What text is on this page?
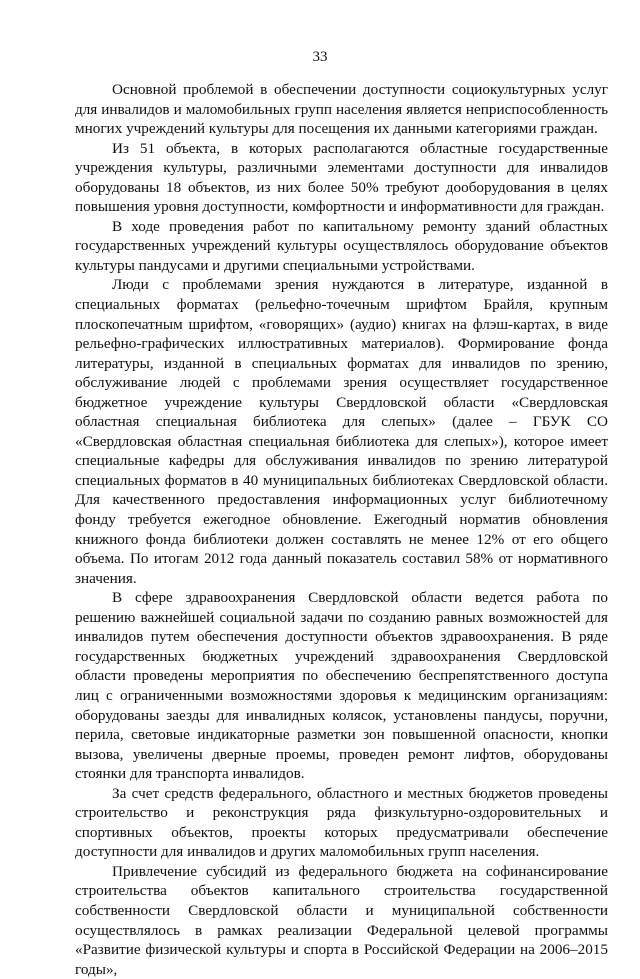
33

Основной проблемой в обеспечении доступности социокультурных услуг для инвалидов и маломобильных групп населения является неприспособленность многих учреждений культуры для посещения их данными категориями граждан.

Из 51 объекта, в которых располагаются областные государственные учреждения культуры, различными элементами доступности для инвалидов оборудованы 18 объектов, из них более 50% требуют дооборудования в целях повышения уровня доступности, комфортности и информативности для граждан.

В ходе проведения работ по капитальному ремонту зданий областных государственных учреждений культуры осуществлялось оборудование объектов культуры пандусами и другими специальными устройствами.

Люди с проблемами зрения нуждаются в литературе, изданной в специальных форматах (рельефно-точечным шрифтом Брайля, крупным плоскопечатным шрифтом, «говорящих» (аудио) книгах на флэш-картах, в виде рельефно-графических иллюстративных материалов). Формирование фонда литературы, изданной в специальных форматах для инвалидов по зрению, обслуживание людей с проблемами зрения осуществляет государственное бюджетное учреждение культуры Свердловской области «Свердловская областная специальная библиотека для слепых» (далее – ГБУК СО «Свердловская областная специальная библиотека для слепых»), которое имеет специальные кафедры для обслуживания инвалидов по зрению литературой специальных форматов в 40 муниципальных библиотеках Свердловской области. Для качественного предоставления информационных услуг библиотечному фонду требуется ежегодное обновление. Ежегодный норматив обновления книжного фонда библиотеки должен составлять не менее 12% от его общего объема. По итогам 2012 года данный показатель составил 58% от нормативного значения.

В сфере здравоохранения Свердловской области ведется работа по решению важнейшей социальной задачи по созданию равных возможностей для инвалидов путем обеспечения доступности объектов здравоохранения. В ряде государственных бюджетных учреждений здравоохранения Свердловской области проведены мероприятия по обеспечению беспрепятственного доступа лиц с ограниченными возможностями здоровья к медицинским организациям: оборудованы заезды для инвалидных колясок, установлены пандусы, поручни, перила, световые индикаторные разметки зон повышенной опасности, кнопки вызова, увеличены дверные проемы, проведен ремонт лифтов, оборудованы стоянки для транспорта инвалидов.

За счет средств федерального, областного и местных бюджетов проведены строительство и реконструкция ряда физкультурно-оздоровительных и спортивных объектов, проекты которых предусматривали обеспечение доступности для инвалидов и других маломобильных групп населения.

Привлечение субсидий из федерального бюджета на софинансирование строительства объектов капитального строительства государственной собственности Свердловской области и муниципальной собственности осуществлялось в рамках реализации Федеральной целевой программы «Развитие физической культуры и спорта в Российской Федерации на 2006–2015 годы»,
